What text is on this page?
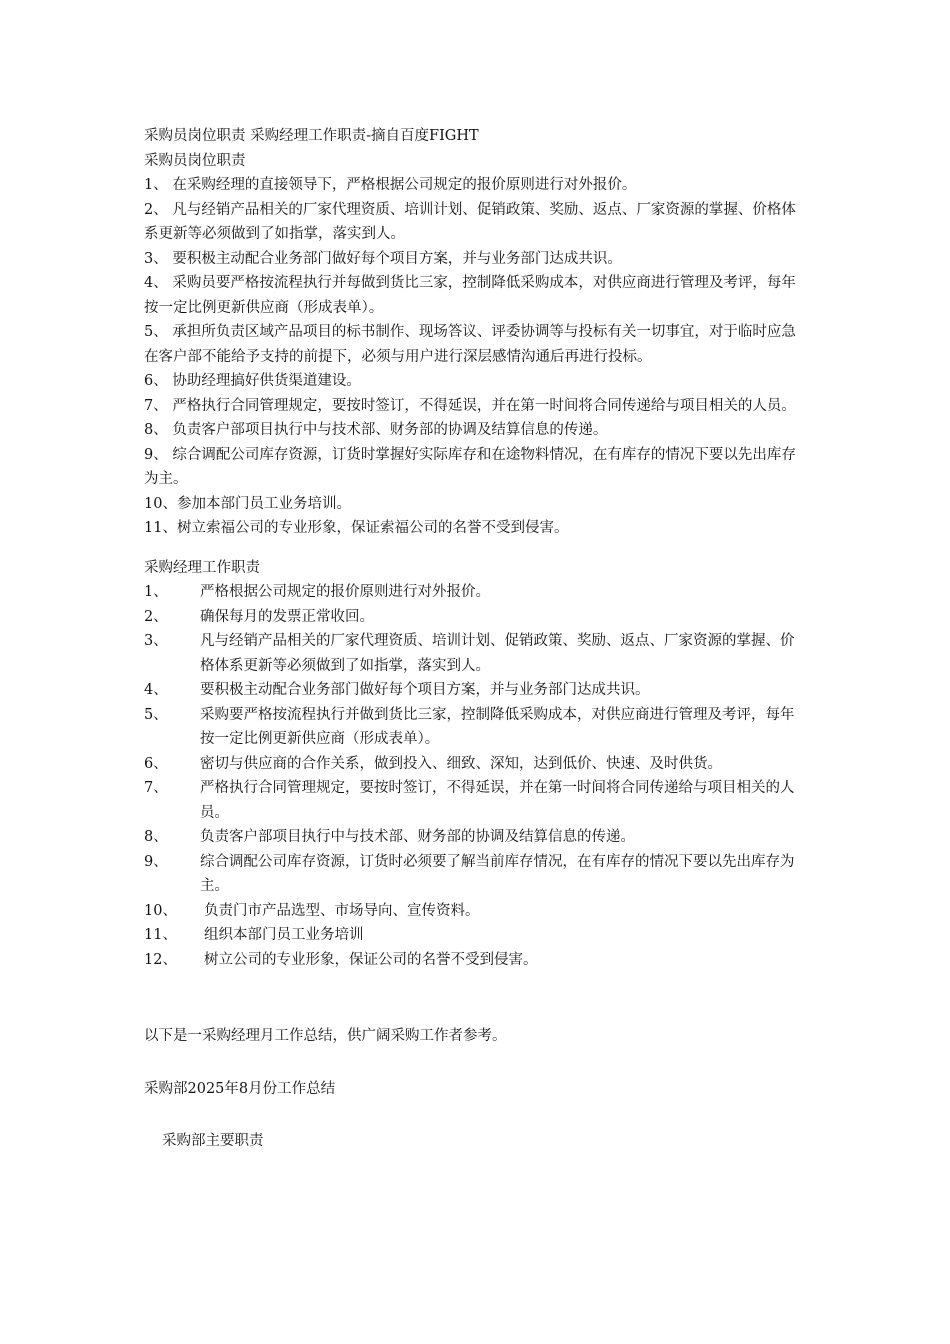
采购员岗位职责 采购经理工作职责-摘自百度FIGHT

采购员岗位职责

1、 在采购经理的直接领导下，严格根据公司规定的报价原则进行对外报价。

2、 凡与经销产品相关的厂家代理资质、培训计划、促销政策、奖励、返点、厂家资源的掌握、价格体系更新等必须做到了如指掌，落实到人。

3、 要积极主动配合业务部门做好每个项目方案，并与业务部门达成共识。

4、 采购员要严格按流程执行并每做到货比三家，控制降低采购成本，对供应商进行管理及考评，每年按一定比例更新供应商（形成表单）。

5、 承担所负责区域产品项目的标书制作、现场答议、评委协调等与投标有关一切事宜，对于临时应急在客户部不能给予支持的前提下，必须与用户进行深层感情沟通后再进行投标。

6、 协助经理搞好供货渠道建设。

7、 严格执行合同管理规定，要按时签订，不得延误，并在第一时间将合同传递给与项目相关的人员。

8、 负责客户部项目执行中与技术部、财务部的协调及结算信息的传递。

9、 综合调配公司库存资源，订货时掌握好实际库存和在途物料情况，在有库存的情况下要以先出库存为主。

10、参加本部门员工业务培训。

11、树立索福公司的专业形象，保证索福公司的名誉不受到侵害。

采购经理工作职责

1、	严格根据公司规定的报价原则进行对外报价。
2、	确保每月的发票正常收回。
3、	凡与经销产品相关的厂家代理资质、培训计划、促销政策、奖励、返点、厂家资源的掌握、价格体系更新等必须做到了如指掌，落实到人。
4、	要积极主动配合业务部门做好每个项目方案，并与业务部门达成共识。
5、	采购要严格按流程执行并做到货比三家，控制降低采购成本，对供应商进行管理及考评，每年按一定比例更新供应商（形成表单）。
6、	密切与供应商的合作关系，做到投入、细致、深知，达到低价、快速、及时供货。
7、	严格执行合同管理规定，要按时签订，不得延误，并在第一时间将合同传递给与项目相关的人员。
8、	负责客户部项目执行中与技术部、财务部的协调及结算信息的传递。
9、	综合调配公司库存资源，订货时必须要了解当前库存情况，在有库存的情况下要以先出库存为主。
10、	负责门市产品选型、市场导向、宣传资料。
11、	组织本部门员工业务培训
12、	树立公司的专业形象，保证公司的名誉不受到侵害。

以下是一采购经理月工作总结，供广阔采购工作者参考。

采购部2025年8月份工作总结

采购部主要职责
